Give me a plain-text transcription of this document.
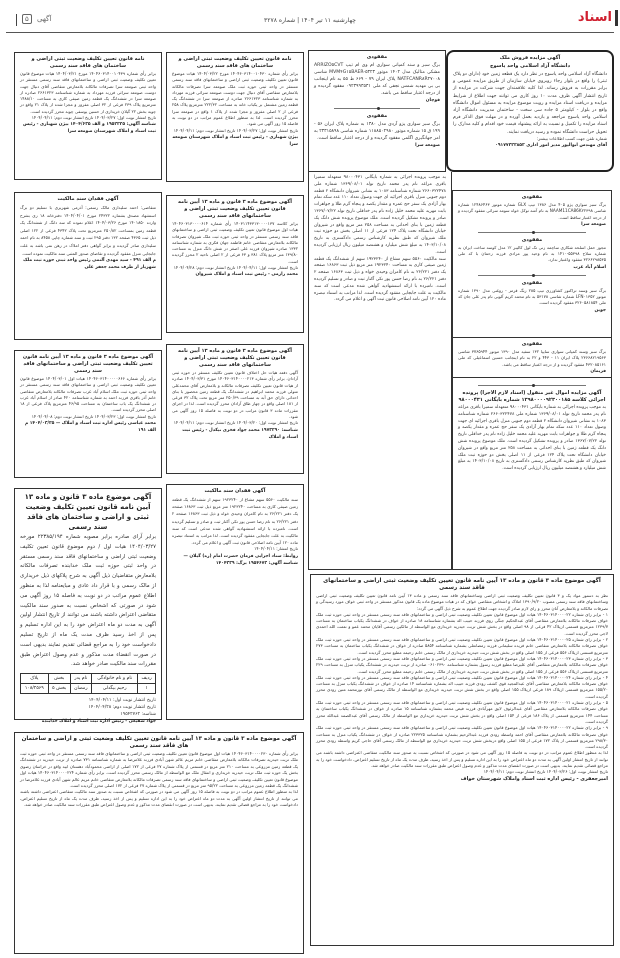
اسناد
چهارشنبه ۱۱ تیر ۱۴۰۴ | شماره ۳۲۷۸
آگهی ۵
آگهی مزایده فروش ملک
دانشگاه آزاد اسلامی واحد یاسوج
دانشگاه آزاد اسلامی واحد یاسوج در نظر دارد یک قطعه زمین خود (دارای دو پلاک ثبتی) را واقع در بلوار رجاء روبروی خیابان سازمان از طریق مزایده عمومی و برابر مقررات به فروش رساند. لذا کلیه علاقمندان جهت شرکت در مزایده از تاریخ انتشار آگهی ظرف مدت ۱۰ روز کاری می توانند جهت اطلاع از شرایط مزایده و دریافت اسناد مزایده و رویت موضوع مزایده به مسئول اموال دانشگاه واقع در بلوار - کیلومتر ۵ جاده سی سخت - ساختمان مدیریت دانشگاه آزاد اسلامی واحد یاسوج مراجعه و بازدید بعمل آورده و در مهلت فوق الذکر فرم اسناد مزایده را تکمیل و نسبت به ارائه پیشنهاد قیمت خود اقدام و کلیه مدارک را تحویل حراست دانشگاه نموده و رسید دریافت نمایند.
شماره تلفن جهت کسب اطلاعات بیشتر:
آقای مهندس ابوالپور مدیر امور اداری ۰۹۱۷۷۲۲۲۸۵۲
مفقودی
برگ سبز سواری پژو ۴۰۵ مدل ۱۳۸۶ تیپ GLX شماره موتور ۱۲۴۸۶۴۶۳ شماره شاسی NAAM11CA86K۲۲۳۹۸ به نام آمنه توکل خواه سومه سرائی مفقود گردیده و از درجه اعتبار ساقط است.
صومعه سرا
مفقودی
مجوز حمل اسلحه شکاری ساچمه زنی تک لول کالیبر ۱۲ مدل کوسه ساخت ایران به شماره سلاح ۵۵۳۹۸-۱۴۱۰ به نام وحید پور مرادی فرزند رحمان با کد ملی ۳۲۶۶۲۹۸۵۳۵ مفقود واعتبار ندارد.
اسلام آباد غرب
مفقودی
برگ سبز وسند تراکتور کشاورزی تیپ ۲۸۵ رنگ قرمز - روغنی مدل ۱۳۹۰ شماره موتور LFN۰۱۳۵۲ شماره شاسی ۵۳۱۷۸ به نام محمد کریم آلویی نام پدر علی جان کد ملی ۳۲۶۰۵۸۱۸۵۴ مفقود گردیده است.
جوین
مفقودی
برگ سبز وسند کمپانی سواری سایپا ۱۳۲ سفید مدل ۱۳۹۰ موتور ۳۷۶۵۹۴۴ شاسی ۲۳۶۶۸۲۱۹۵۶۳ پلاک ایران ۱۱ - ۴۴۳ و ۲۲ به نام اینجانب حسین اسماعیلی کد ملی ۴۳۲۰۸۵۱۶۱ مفقود گردیده و از درجه اعتبار ساقط می باشد.
فریمان
آگهی مزایده اموال غیر منقول (اسناد لازم الاجرا) پرونده اجرائی کلاسه ۱۳۹۸۰۰۰۰۹۲۳۰۰۱۸۵ شماره بایگانی ۹۸۰۰۰۴۳۱
به موجب پرونده اجرائی به شماره بایگانی ۹۸۰۰۰۴۳۱ متعهدله سمیرا باقری مراغه نام پدر محمد تاریخ تولد ۱۳۶۹/۰۸/۰۱ شماره ملی ۲۶۶۰۳۲۲۴۷۸ شماره شناسنامه ۱۰۸۳ به نشانی شیروان دانشگاه ۲ قطعه دوم جنوبی منزل باقری اجرائیه ای جهت وصول تعداد ۱۱۰ عدد سکه تمام بهار آزادی یک سفر حج عمره و مقدار یکصد و پنجاه گرم طلا و جواهرات بابت مهریه علیه محمد خلیل زاده نام پدر خداقلی تاریخ تولد ۱۳۶۷/۰۷/۲۲ صادر و پرونده تشکیل گردیده است. ملک موضوع پرونده شش دانگ یک قطعه زمین با بنای احداثی به مساحت ۲۵۸ متر مربع واقع در شیروان خیابان دانشگاه تحت پلاک ۱۲۴ فرعی از ۱۱ اصلی بخش دو حوزه ثبت ملک شیروان که طبق نظریه کارشناس رسمی دادگستری به تاریخ ۱۴۰۳/۱۰/۰۸ به مبلغ شش میلیارد و هشتصد میلیون ریال ارزیابی گردیده است.
مفقودی
برگ سبز و سند کمپانی سواری ام وی ام تیپ ARRIZO۵CVT مشکی متالیک مدل ۱۴۰۲ موتور MVM۴G۱۵BAER-۵۳۲۳ شاسی NATFCANR۸R۲۷۰۰۸ پلاک ایران ۷۹ - ۶۶۹ ط ۵۵ به نام اینجانب بی بی مهدیه شمس نجفی کد ملی ۰۹۲۳۹۹۳۵۳۱ مفقود گردیده و از درجه اعتبار ساقط می باشد.
قوچان
مفقودی
برگ سبز سواری پژو آردی مدل ۱۳۸۰ به شماره پلاک ایران ۵۶ - ۱۹۹ ق ۱۵ شماره موتور ۱۱۸۸۵۰۲۹۸۰ شماره شاسی ۲۳۳۱۵۸۹۸ به امر جهانگیری اگلمی مفقود گردیده و از درجه اعتبار ساقط است.
صومعه سرا
به موجب پرونده اجرائی به شماره بایگانی ۹۸۰۰۰۴۳۱ متعهدله سمیرا باقری مراغه نام پدر محمد تاریخ تولد ۱۳۶۹/۰۸/۰۱ شماره ملی ۲۶۶۰۳۲۲۴۷۸ شماره شناسنامه ۱۰۸۳ به نشانی شیروان دانشگاه ۲ قطعه دوم جنوبی منزل باقری اجرائیه ای جهت وصول تعداد ۱۱۰ عدد سکه تمام بهار آزادی یک سفر حج عمره و مقدار یکصد و پنجاه گرم طلا و جواهرات بابت مهریه علیه محمد خلیل زاده نام پدر خداقلی تاریخ تولد ۱۳۶۷/۰۷/۲۲ صادر و پرونده تشکیل گردیده است. ملک موضوع پرونده شش دانگ یک قطعه زمین با بنای احداثی به مساحت ۲۵۸ متر مربع واقع در شیروان خیابان دانشگاه تحت پلاک ۱۲۴ فرعی از ۱۱ اصلی بخش دو حوزه ثبت ملک شیروان که طبق نظریه کارشناس رسمی دادگستری به تاریخ ۱۴۰۳/۱۰/۰۸ به مبلغ شش میلیارد و هشتصد میلیون ریال ارزیابی گردیده است.
سند مالکیت ۵۵۶۰ سهم مشاع از ۱۹۲۳۲۴۰ سهم از ششدانگ یک قطعه زمین صیفی کاری به مساحت ۱۹۲۳۲۴۰ متر مربع ذیل ثبت ۱۶۸۶۳ صفحه یک دفتر ۲۶/۲۲۱ به نام کامران وحیدی خواه و ذیل ثبت ۱۶۸۶۳ صفحه ۲ دفتر ۲۶/۲۲۱ به نام رضا حسن پور تکی آکنار ثبت و صادر و تسلیم گردیده است. نامبرده با ارائه استشهادیه گواهی شده مدعی است که سند مالکیت به علت جابجایی مفقود گردیده است. لذا مراتب به استناد تبصره ماده ۱۲۰ آیین نامه اصلاحی قانون ثبت آگهی و اعلام می گردد.
نامه قانون تعیین تکلیف وضعیت ثبتی اراضی و ساختمان های فاقد سند رسمی
برابر رأی شماره ۱۴۰۴۶۰۳۱۴۰۰۱۰۴۳۰ مورخ ۱۴۰۴/۰۳/۲۲ هیات موضوع قانون تعیین تکلیف وضعیت ثبتی اراضی و ساختمانهای فاقد سند رسمی مستقر در واحد ثبتی حوزه ثبت ملک صومعه سرا تصرفات مالکانه بلامعارض متقاضی آقای دنیال جهت دوست صومعه سرائی فرزند مهرداد به شماره شناسنامه ۲۶۶۱۳۲۳ صادره از صومعه سرا در ششدانگ یک قطعه زمین مشتمل بر یکباب خانه به مساحت ۲۲۲/۳۲ مترمربع پلاک ۲۵۸ فرعی از ۲ اصلی مفروز و مجزا شده از پلاک ۱ واقع در صومعه سرا محرز گردیده است. لذا به منظور اطلاع عموم مراتب در دو نوبت به فاصله ۱۵ روز آگهی می شود.
تاریخ انتشار نوبت اول: ۱۴۰۴/۰۳/۲۷ تاریخ انتشار نوبت دوم: ۱۴۰۴/۰۴/۱۱
بیژن شهبازی - رئیس ثبت اسناد و املاک شهرستان صومعه سرا
آگهی موضوع ماده ۳ قانون و ماده ۱۳ آیین نامه قانون تعیین تکلیف وضعیت ثبتی اراضی و ساختمانهای فاقد سند رسمی
برابر کلاسه ۱۴۰۳۱۱۴۳۳۱۳۰۰۰۰۱۳۷ رأی شماره ۱۴۰۴۶۰۳۱۳۰۰۰۰۶۱۴ هیات اول موضوع قانون تعیین تکلیف وضعیت ثبتی اراضی و ساختمانهای فاقد سند رسمی مستقر در واحد ثبتی حوزه ثبت ملک شیروان تصرفات مالکانه بلامعارض متقاضی خانم فاطمه جهان فکری به شماره شناسنامه ۱۳۳۲ صادره شیروان فرزند علی اصغر در شش دانگ منزل به مساحت ۱۳۹/۸۰ متر مربع پلاک ۳۸۱ و ۶۳ فرعی از ۲ اصلی ناحیه ۲ محرز گردیده است.
تاریخ انتشار نوبت اول: ۱۴۰۴/۰۴/۱۱ تاریخ انتشار نوبت دوم: ۱۴۰۴/۰۴/۲۸
محمد رازمی - رئیس ثبت اسناد و املاک شیروان
آگهی موضوع ماده ۳ قانون و ماده ۱۳ آیین نامه قانون تعیین تکلیف وضعیت ثبتی اراضی و ساختمانهای فاقد سند رسمی
آگهی دفعه هیات حل اختلاف قانون تعیین تکلیف مستقر در حوزه ثبتی آزادان. برابر رأی شماره ۱۴۰۴۶۰۳۱۴۰۰۰۰۲۱۳ مورخ ۱۴۰۴/۰۳/۳۱ صادره از هیات قانون تعیین تکلیف تصرفات مالکانه و بلامعارض آقای محمدعلی متولی فرزند محمد ابراهیم در ششدانگ یک قطعه زمین محصور با بنای احداثی دارای حق آبه به مساحت ۲۵۰/۳۹ متر مربع تحت پلاک ۳۲ فرعی از ۱۸۱ اصلی واقع در چهار طاق آزادان محرز گردیده است. لذا در اجرای مقررات ماده ۳ قانون مراتب در دو نوبت به فاصله ۱۵ روز آگهی می شود.
تاریخ انتشار نوبت اول: ۱۴۰۴/۰۳/۲۰ تاریخ انتشار نوبت دوم: ۱۴۰۴/۰۴/۱۱
شناسه: ۱۹۷۳۲۹۰ محمد جواد فخری نیکدل - رئیس ثبت اسناد و املاک
آگهی فقدان سند مالکیت
سند مالکیت ۵۵۶۰ سهم مشاع از ۱۹۲۳۲۴۰ سهم از ششدانگ یک قطعه زمین صیفی کاری به مساحت ۱۹۲۳۲۴۰ متر مربع ذیل ثبت ۱۶۸۶۳ صفحه یک دفتر ۲۶/۲۲۱ به نام کامران وحیدی خواه و ذیل ثبت ۱۶۸۶۳ صفحه ۲ دفتر ۲۶/۲۲۱ به نام رضا حسن پور تکی آکنار ثبت و صادر و تسلیم گردیده است. نامبرده با ارائه استشهادیه گواهی شده مدعی است که سند مالکیت به علت جابجایی مفقود گردیده است. لذا مراتب به استناد تبصره ماده ۱۲۰ آیین نامه اصلاحی قانون ثبت آگهی و اعلام می گردد.
تاریخ انتشار: ۱۴۰۴/۰۴/۱۱
روابط: ستاد اجرایی فرمان حضرت امام (ره) گیلان — شناسه آگهی: ۱۹۵۴۶۷۳ برگ: ۱۴۰۴۳۳۹
نامه قانون تعیین تکلیف وضعیت ثبتی اراضی و ساختمان های فاقد سند رسمی
برابر رأی شماره ۱۴۰۴۶۰۳۱۴۰۰۱۰۴۳۹ مورخ ۱۴۰۴/۰۳/۲۱ هیات موضوع قانون تعیین تکلیف وضعیت ثبتی اراضی و ساختمانهای فاقد سند رسمی مستقر در واحد ثبتی صومعه سرا تصرفات مالکانه بلامعارض متقاضی آقای دنیال جهت دوست صومعه سرائی فرزند مهرداد به شماره شناسنامه ۲۶۶۱۳۲۳ صادره از صومعه سرا در ششدانگ یک قطعه زمین صیفی کاری به مساحت ۱۴۸۸/۱۰ مترمربع پلاک ۲۳۹ فرعی از ۳۲ اصلی مفروز و مجزا شده از پلاک ۲۱ واقع در چوبه بخش ۲۲ گیلان خریداری از حسین یوسفی چوبه محرز گردیده است.
تاریخ انتشار نوبت اول: ۱۴۰۴/۰۳/۲۷ تاریخ انتشار نوبت دوم: ۱۴۰۴/۰۴/۱۱
شناسه آگهی: ۱۹۵۲۲۲۵ و الف ۱۴۰۴/۶۳۵ بیژن شهبازی - رئیس ثبت اسناد و املاک شهرستان صومعه سرا
آگهی فقدان سند مالکیت
متقاضی: احمد سلیدازی مالک رسمی: آذرمی شهریری با تسلیم دو برگ استشهاد مصدق بشماره ۲۴۳۲۲ مورخ ۱۴۰۴/۰۴/۰۱ دفترخانه ۱۸ ری بشرح وارده ۱۴۰۱۸۵۰ مورخ ۱۴۰۴/۰۳/۲۶ اعلام نموده که سه دانگ از ششدانگ یک قطعه زمین بمساحت ۲۵۰/۸۲ مترمربع تحت پلاک ۴۳۴۲ فرعی از ۱۲۲ اصلی ذیل ثبت ۴۳۶۵ صفحه ۱۳۲ دفتر ۲۹۵ ثبت و سند شماره چاپی ۸۴۵۸ به نام احمد سلیدازی صادر گردیده و برابر گواهی دفتر املاک در رهن نمی باشد به علت جابجایی منزل مفقود گردیده و تقاضای صدور المثنی سند مالکیت نموده است.
م الف ۴۹۱ - سید مهدی آلتمی رئیس واحد ثبتی حوزه ثبت ملک شهریار از طرف محمد جعفر علی
آگهی موضوع ماده ۳ قانون و ماده ۱۳ آیین نامه قانون تعیین تکلیف وضعیت ثبتی اراضی و ساختمانهای فاقد سند رسمی
برابر رأی شماره ۱۴۰۴۶۰۳۱۴۰۰۰۰۰۶۶۶ هیات اول ۱۴۰۴/۰۳/۰۱ موضوع قانون تعیین تکلیف وضعیت ثبتی اراضی و ساختمانهای فاقد سند رسمی مستقر در واحد ثبتی حوزه ثبت ملک اسلام آباد غرب تصرفات مالکانه بلامعارض متقاضی خانم آذر باقری فرزند احمد به شماره شناسنامه ۴۲۰ صادر از اسلام آباد غرب در ششدانگ یک باب ساختمان به مساحت ۴۶/۹۵ مترمربع پلاک فرعی از ۱۸ اصلی محرز گردیده است.
تاریخ انتشار نوبت اول: ۱۴۰۴/۰۳/۲۳ تاریخ انتشار نوبت دوم: ۱۴۰۴/۰۴/۰۸
محمد عباسی رئیس اداره ثبت اسناد و املاک — ۱۴۰۴/۰۳/۲۵ م الف ۱۹۱
آگهی موضوع ماده ۳ قانون و ماده ۱۳ آیین نامه قانون تعیین تکلیف وضعیت ثبتی و اراضی و ساختمان های فاقد سند رسمی
برابر آرای صادره برابر مصوبه شماره ۲۲۳۸۵/۱۹۴ مورخه ۱۴۰۴/۰۳/۲۷ هیات اول / دوم موضوع قانون تعیین تکلیف وضعیت ثبتی اراضی و ساختمانهای فاقد سند رسمی مستقر در واحد ثبتی حوزه ثبت ملک خدابنده تصرفات مالکانه بلامعارض متقاضیان ذیل آگهی به شرح پلاکهای ذیل خریداری از مالک رسمی و با قرار داد عادی و مبایعنامه لذا به منظور اطلاع عموم مراتب در دو نوبت به فاصله ۱۵ روز آگهی می شود در صورتی که اشخاص نسبت به صدور سند مالکیت متقاضی اعتراض داشته باشند می توانند از تاریخ انتشار اولین آگهی به مدت دو ماه اعتراض خود را به این اداره تسلیم و پس از اخذ رسید ظرف مدت یک ماه از تاریخ تسلیم دادخواست خود را به مراجع قضائی تقدیم نمایند بدیهی است در صورت انقضاء مدت مذکور و عدم وصول اعتراض طبق مقررات سند مالکیت صادر خواهد شد.
ردیف	نام و نام خانوادگی	نام پدر	بخش	پلاک
۱	رحیم بیگدلی	رمضان	بخش ۵	۱۰۸/۲۵۶۹
تاریخ انتشار نوبت اول: ۱۴۰۴/۰۴/۱۱
تاریخ انتشار نوبت دوم: ۱۴۰۴/۰۴/۲۸
شناسه: ۱۹۵۴۲۷۶۲
جواد شفیعی - رئیس اداره ثبت اسناد و املاک خدابنده
آگهی موضوع ماده ۳ قانون و ماده ۱۳ آیین نامه قانون تعیین تکلیف وضعیت ثبتی و اراضی و ساختمان های فاقد سند رسمی
برابر رأی شماره ۱۴۰۴۶۰۳۱۴۰۰۰۰۲۳۰ هیات اول موضوع قانون تعیین تکلیف وضعیت ثبتی اراضی و ساختمانهای فاقد سند رسمی مستقر در واحد ثبتی حوزه ثبت ملک تربت حیدریه تصرفات مالکانه بلامعارض متقاضی خانم مریم عالم شهن آبادی فرزند غلامرضا به شماره شناسنامه ۷۳۱ صادره از تربت حیدریه در ششدانگ یک قطعه زمین مزروعی به مساحت ۲۱۰ متر مربع در قسمتی از پلاک شماره ۲۷ فرعی از ۱۷۲ اصلی از اراضی محمودآباد دهستان ابیه واقع در خراسان رضوی بخش یک حوزه ثبت ملک تربت حیدریه خریداری و انتقال ملک مع الواسطه از مالک رسمی محرز گردیده است. برابر رأی شماره ۱۴۰۴۶۰۳۱۴۰۰۰۰۲۲۴ هیات اول موضوع قانون تعیین تکلیف وضعیت ثبتی اراضی و ساختمانهای فاقد سند رسمی تصرفات مالکانه بلامعارض متقاضی خانم مریم عالم شهن آبادی فرزند غلامرضا در ششدانگ یک قطعه زمین مزروعی به مساحت ۹۵/۲۲ متر مربع در قسمتی از پلاک شماره ۲۷ فرعی از ۱۷۲ اصلی محرز گردیده است.
لذا به منظور اطلاع عموم مراتب در دو نوبت به فاصله ۱۵ روز آگهی می شود در صورتی که اشخاص نسبت به صدور سند مالکیت متقاضی اعتراضی داشته باشند می توانند از تاریخ انتشار اولین آگهی به مدت دو ماه اعتراض خود را به این اداره تسلیم و پس از اخذ رسید، ظرف مدت یک ماه از تاریخ تسلیم اعتراض، دادخواست خود را به مراجع قضائی تقدیم نمایند. بدیهی است در صورت انقضای مدت مذکور و عدم وصول اعتراض طبق مقررات سند مالکیت صادر خواهد شد.
آگهی موضوع ماده ۳ قانون و ماده ۱۳ آیین نامه قانون تعیین تکلیف وضعیت ثبتی اراضی و ساختمانهای فاقد سند رسمی
نظر به دستور مواد یک و ۳ قانون تعیین تکلیف وضعیت ثبتی اراضی وساختمانهای فاقد سند رسمی و ماده ۱۳ آیین نامه قانون تعیین تکلیف وضعیت ثبتی اراضی وساختمانهای فاقد سند رسمی مصوب ۱۳۹۰/۹/۲۰ املاک و اشخاص متقاضی خواف که در هیات موضوع ماده یک قانون مذکور مستقر در واحد ثبتی خواف مورد رسیدگی و تصرفات مالکانه و بلامعارض آنان محرز و رای لازم صادر گردیده جهت اطلاع عموم به شرح ذیل آگهی می گردد:
۱ - برابر رای شماره ۱۴۰۴۶۰۳۱۴۰۰۰۰۲۲ هیات اول موضوع قانون تعیین تکلیف وضعیت ثبتی اراضی و ساختمانهای فاقد سند رسمی مستقر در واحد ثبتی حوزه ثبت ملک خواف تصرفات مالکانه بلامعارض متقاضی آقای عبدالحکیم جنگی روی فرزند حبیب اله بشماره شناسنامه ۱۸ صادره از خواف در ششدانگ یکباب ساختمان به مساحت ۱۲۳۹/۷ مترمربع قسمتی ازپلاک ۴۲ فرعی از ۹۸ اصلی واقع در بخش شش تربت حیدریه خریداری مع الواسطه از مالکین رسمی آقایان محمد عمو و نعمت الله احمدی لاجی محرز گردیده است.
۲ - برابر رای شماره ۱۴۰۴۶۰۳۱۴۰۰۰۰۲۵ هیات اول موضوع قانون تعیین تکلیف وضعیت ثبتی اراضی و ساختمانهای فاقد سند رسمی مستقر در واحد ثبتی حوزه ثبت ملک خواف تصرفات مالکانه بلامعارض متقاضی خانم فریده سلیمانی فرزند رمضانعلی بشماره شناسنامه ۵۸۵۴ صادره از خواف در ششدانگ یکباب ساختمان به مساحت ۲۷۳ مترمربع قسمتی ازپلاک ۵۵۶ فرعی از ۱۵۵ اصلی واقع در بخش شش تربت حیدریه خریداری از مالک رسمی خانم رحیمه مطیع محرز گردیده است.
۳ - برابر رای شماره ۱۴۰۴۶۰۳۱۴۰۰۰۰۲۳ هیات اول موضوع قانون تعیین تکلیف وضعیت ثبتی اراضی و ساختمانهای فاقد سند رسمی مستقر در واحد ثبتی حوزه ثبت ملک خواف تصرفات مالکانه بلامعارض متقاضی آقای علیرضا مطیع فرزند رسول بشماره شناسنامه ۰۶۱۰۲۳۹۰ صادره از تربت حیدریه در ششدانگ یکباب منزل به مساحت ۲۲۹ مترمربع قسمتی ازپلاک ۵۵۶ فرعی از ۱۵۵ اصلی واقع در بخش شش تربت حیدریه خریداری از مالک رسمی خانم رحیمه مطیع محرز گردیده است.
۴ - برابر رای شماره ۱۴۰۴۶۰۳۱۴۰۰۰۰۲۴ هیات اول موضوع قانون تعیین تکلیف وضعیت ثبتی اراضی و ساختمانهای فاقد سند رسمی مستقر در واحد ثبتی حوزه ثبت ملک خواف تصرفات مالکانه بلامعارض متقاضی آقای عبدالمجید قوی کشف رودی فرزند حبیب اله بشماره شناسنامه ۱۴ صادره از خواف در ششدانگ یکباب منزل به مساحت ۱۵۵/۲۰ مترمربع قسمتی ازپلاک ۱۸۹ فرعی ازپلاک ۱۵۵ اصلی واقع در بخش شش تربت حیدریه خریداری مع الواسطه از مالک رسمی آقای نورمحمد متین رودی محرز گردیده است.
۵ - برابر رای شماره ۱۴۰۴۶۰۳۱۴۰۰۰۰۲۱ هیات اول موضوع قانون تعیین تکلیف وضعیت ثبتی اراضی و ساختمانهای فاقد سند رسمی مستقر در واحد ثبتی حوزه ثبت ملک خواف تصرفات مالکانه بلامعارض متقاضی آقای عبدالرئوف لایق مهرآبادی فرزند فیض محمد بشماره شناسنامه ۱۵ صادره از خواف در ششدانگ یکباب ساختمان به مساحت ۱۴۴ مترمربع قسمتی از پلاک ۱۸۶ فرعی از ۱۵۴ اصلی واقع در بخش شش تربت حیدریه خریداری مع الواسطه از مالک رسمی آقای عبدالصمد عبدالله محرز گردیده است.
۹ - برابر رای شماره ۱۴۰۴۶۰۳۱۴۰۰۰۰۲۲ هیات اول موضوع قانون تعیین تکلیف وضعیت ثبتی اراضی و ساختمانهای فاقد سند رسمی مستقر در واحد ثبتی حوزه ثبت ملک خواف تصرفات مالکانه بلامعارض متقاضی آقای احمد واسطه رودی فرزند عبدالرحیم بشماره شناسنامه ۲۲۳۳۲۵ صادره از خواف در ششدانگ یکباب منزل به مساحت ۲۹۸/۳۰ مترمربع قسمتی از پلاک ۱۷۲ فرعی از ۱۵۵ اصلی واقع دربخش شش تربت حیدریه خریداری مع الواسطه از مالک رسمی آقای حاجی کریم واسطه رودی محرز گردیده است.
لذا به منظور اطلاع عموم مراتب در دو نوبت به فاصله ۱۵ روز آگهی می شود در صورتی که اشخاص نسبت به صدور سند مالکیت متقاضی اعتراضی داشته باشند می توانند از تاریخ انتشار اولین آگهی به مدت دو ماه اعتراض خود را به این اداره تسلیم و پس از اخذ رسید، ظرف مدت یک ماه از تاریخ تسلیم اعتراض، دادخواست خود را به مراجع قضائی تقدیم نمایند. بدیهی است در صورت انقضای مدت مذکور و عدم وصول اعتراض طبق مقررات سند مالکیت صادر خواهد شد.
تاریخ انتشار نوبت اول: ۱۴۰۴/۰۳/۲۶ تاریخ انتشار نوبت دوم: ۱۴۰۴/۰۴/۱۱
امیرجعفری - رئیس اداره ثبت اسناد واملاک شهرستان خواف
